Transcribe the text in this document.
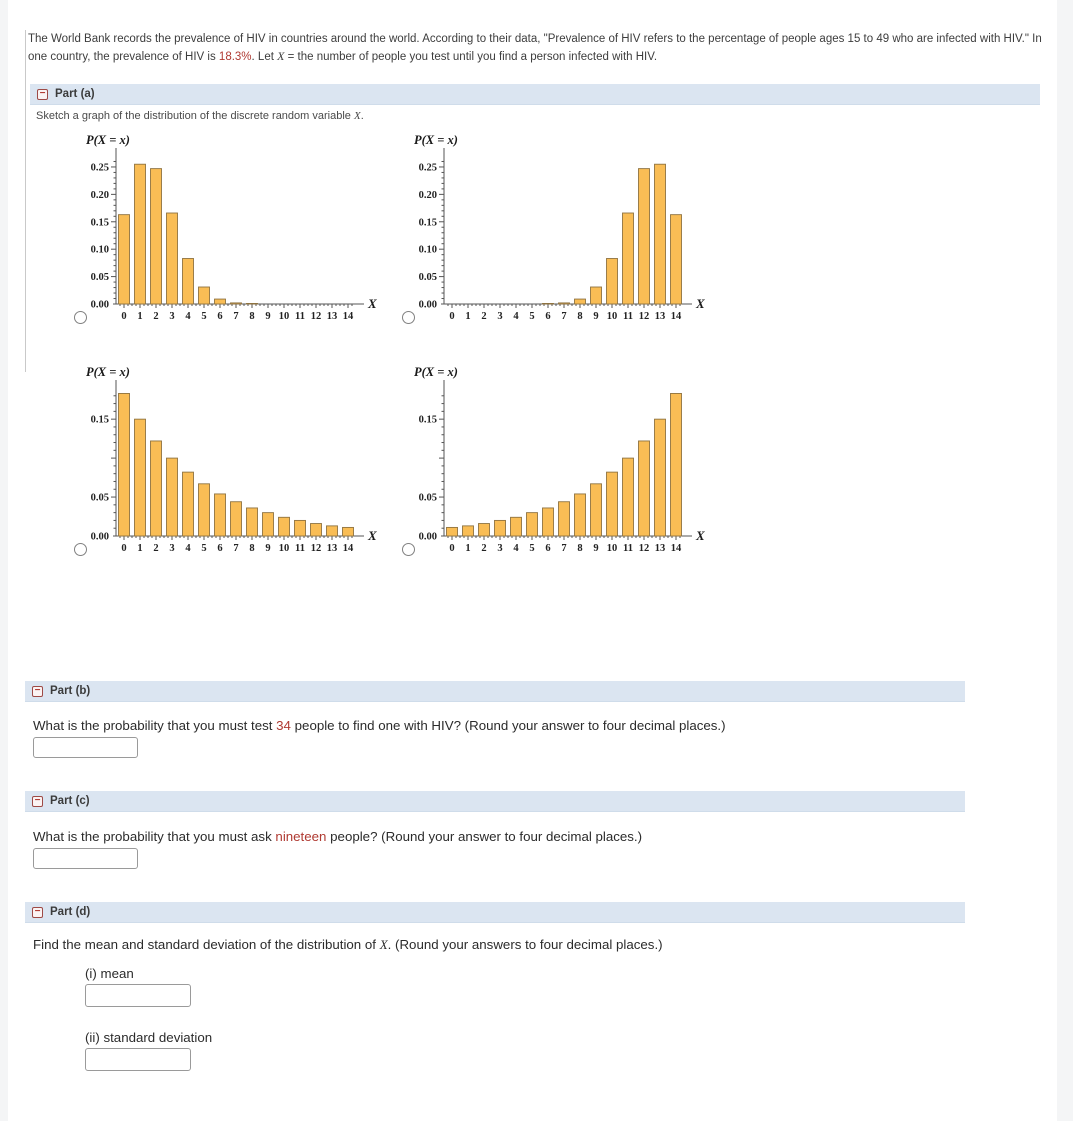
The World Bank records the prevalence of HIV in countries around the world. According to their data, "Prevalence of HIV refers to the percentage of people ages 15 to 49 who are infected with HIV." In one country, the prevalence of HIV is 18.3%. Let X = the number of people you test until you find a person infected with HIV.
−
Part (a)
Sketch a graph of the distribution of the discrete random variable X.
P(X = x)
X
0.00
0.05
0.10
0.15
0.20
0.25
0 1 2 3 4 5 6 7 8 9 10 11 12 13 14
P(X = x)
X
0.00
0.05
0.10
0.15
0.20
0.25
0 1 2 3 4 5 6 7 8 9 10 11 12 13 14
P(X = x)
X
0.00
0.05
0.15
0 1 2 3 4 5 6 7 8 9 10 11 12 13 14
P(X = x)
X
0.00
0.05
0.15
0 1 2 3 4 5 6 7 8 9 10 11 12 13 14
−
Part (b)
What is the probability that you must test 34 people to find one with HIV? (Round your answer to four decimal places.)
−
Part (c)
What is the probability that you must ask nineteen people? (Round your answer to four decimal places.)
−
Part (d)
Find the mean and standard deviation of the distribution of X. (Round your answers to four decimal places.)
(i) mean
(ii) standard deviation
